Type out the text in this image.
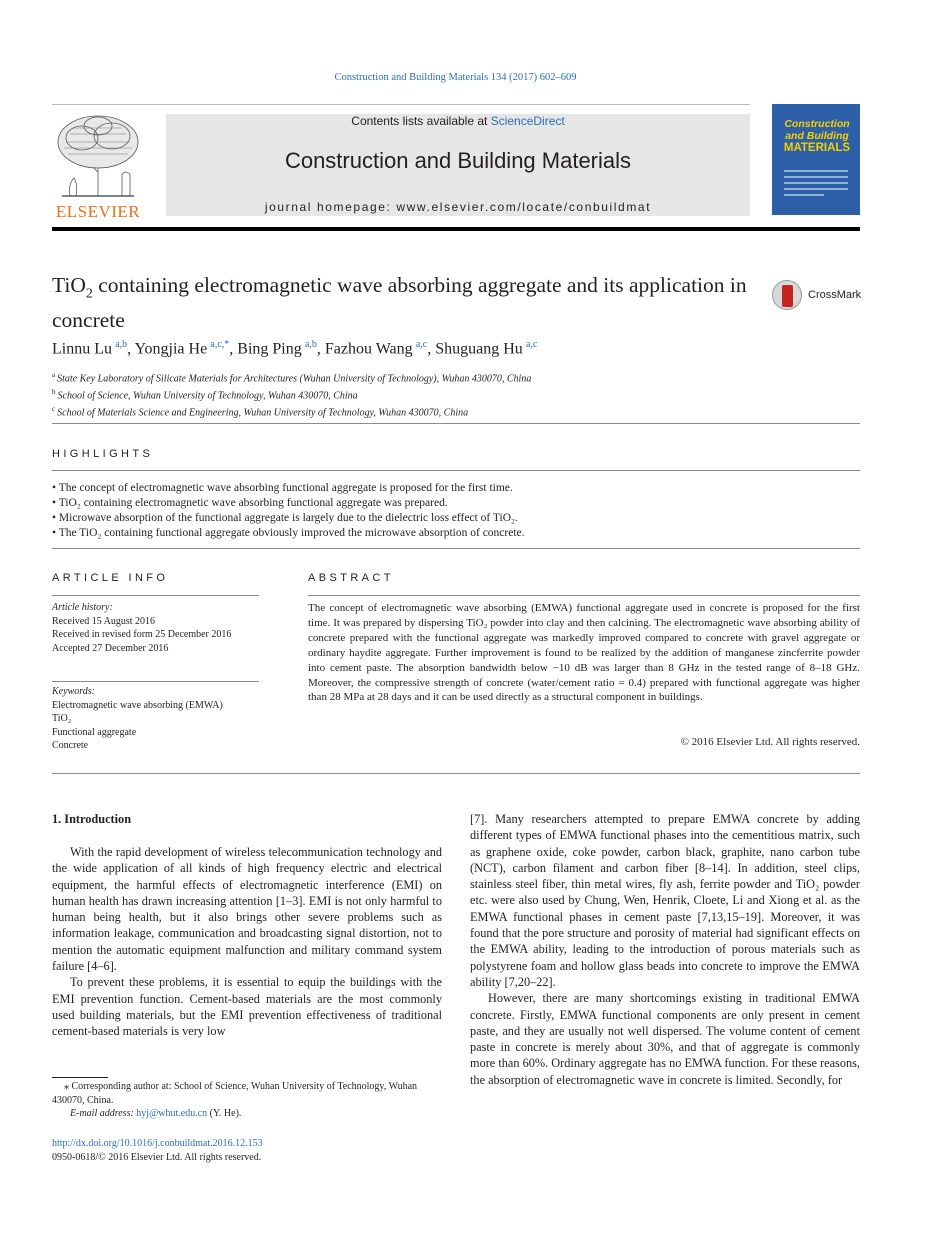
Construction and Building Materials 134 (2017) 602–609
ELSEVIER
Contents lists available at ScienceDirect
Construction and Building Materials
journal homepage: www.elsevier.com/locate/conbuildmat
Construction
and Building
MATERIALS
TiO$_2$ containing electromagnetic wave absorbing aggregate and its application in concrete
CrossMark
Linnu Lu  $^{a,b}$, Yongjia He  $^{a,c,*}$, Bing Ping  $^{a,b}$, Fazhou Wang  $^{a,c}$, Shuguang Hu  $^{a,c}$
$^a$  State Key Laboratory of Silicate Materials for Architectures (Wuhan University of Technology), Wuhan 430070, China
$^b$  School of Science, Wuhan University of Technology, Wuhan 430070, China
$^c$  School of Materials Science and Engineering, Wuhan University of Technology, Wuhan 430070, China
HIGHLIGHTS
• The concept of electromagnetic wave absorbing functional aggregate is proposed for the first time.
• TiO₂ containing electromagnetic wave absorbing functional aggregate was prepared.
• Microwave absorption of the functional aggregate is largely due to the dielectric loss effect of TiO₂.
• The TiO₂ containing functional aggregate obviously improved the microwave absorption of concrete.
ARTICLE INFO
Article history:
Received 15 August 2016
Received in revised form 25 December 2016
Accepted 27 December 2016
Keywords:
Electromagnetic wave absorbing (EMWA)
TiO₂
Functional aggregate
Concrete
ABSTRACT
The concept of electromagnetic wave absorbing (EMWA) functional aggregate used in concrete is proposed for the first time. It was prepared by dispersing TiO₂ powder into clay and then calcining. The electromagnetic wave absorbing ability of concrete prepared with the functional aggregate was markedly improved compared to concrete with gravel aggregate or ordinary haydite aggregate. Further improvement is found to be realized by the addition of manganese zincferrite powder into cement paste. The absorption bandwidth below −10 dB was larger than 8 GHz in the tested range of 8–18 GHz. Moreover, the compressive strength of concrete (water/cement ratio = 0.4) prepared with functional aggregate was higher than 28 MPa at 28 days and it can be used directly as a structural component in buildings.
© 2016 Elsevier Ltd. All rights reserved.
1. Introduction

With the rapid development of wireless telecommunication technology and the wide application of all kinds of high frequency electric and electrical equipment, the harmful effects of electromagnetic interference (EMI) on human health has drawn increasing attention [1–3]. EMI is not only harmful to human being health, but it also brings other severe problems such as information leakage, communication and broadcasting signal distortion, not to mention the automatic equipment malfunction and military command system failure [4–6].

To prevent these problems, it is essential to equip the buildings with the EMI prevention function. Cement-based materials are the most commonly used building materials, but the EMI prevention effectiveness of traditional cement-based materials is very low

[7]. Many researchers attempted to prepare EMWA concrete by adding different types of EMWA functional phases into the cementitious matrix, such as graphene oxide, coke powder, carbon black, graphite, nano carbon tube (NCT), carbon filament and carbon fiber [8–14]. In addition, steel clips, stainless steel fiber, thin metal wires, fly ash, ferrite powder and TiO₂ powder etc. were also used by Chung, Wen, Henrik, Cloete, Li and Xiong et al. as the EMWA functional phases in cement paste [7,13,15–19]. Moreover, it was found that the pore structure and porosity of material had significant effects on the EMWA ability, leading to the introduction of porous materials such as polystyrene foam and hollow glass beads into concrete to improve the EMWA ability [7,20–22].

However, there are many shortcomings existing in traditional EMWA concrete. Firstly, EMWA functional components are only present in cement paste, and they are usually not well dispersed. The volume content of cement paste in concrete is merely about 30%, and that of aggregate is commonly more than 60%. Ordinary aggregate has no EMWA function. For these reasons, the absorption of electromagnetic wave in concrete is limited. Secondly, for

⁎ Corresponding author at: School of Science, Wuhan University of Technology, Wuhan 430070, China.
E-mail address: hyj@whut.edu.cn (Y. He).
http://dx.doi.org/10.1016/j.conbuildmat.2016.12.153
0950-0618/© 2016 Elsevier Ltd. All rights reserved.
